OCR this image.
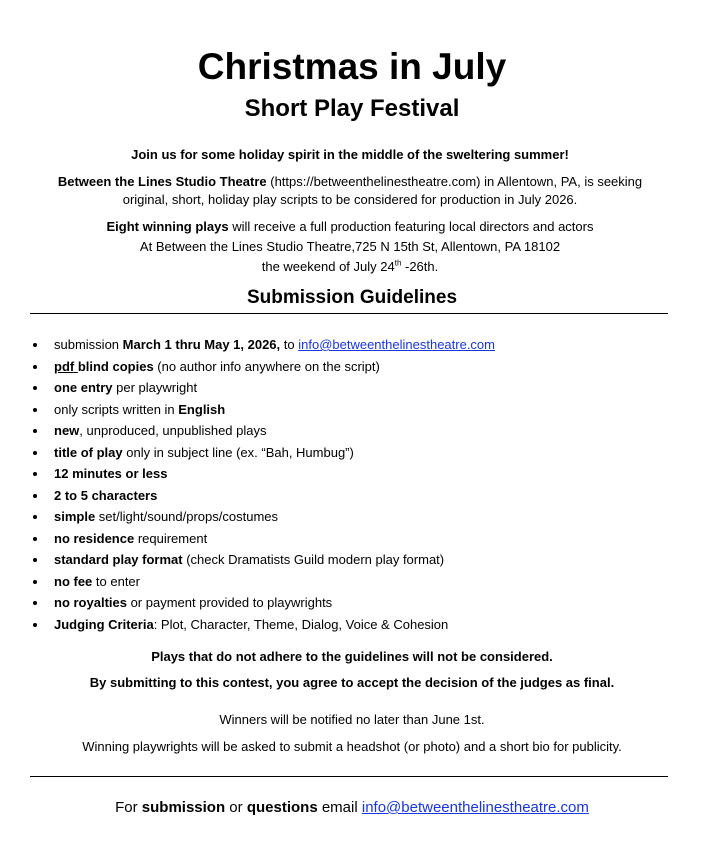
Christmas in July
Short Play Festival

Join us for some holiday spirit in the middle of the sweltering summer!

Between the Lines Studio Theatre (https://betweenthelinestheatre.com) in Allentown, PA, is seeking
original, short, holiday play scripts to be considered for production in July 2026.

Eight winning plays will receive a full production featuring local directors and actors
At Between the Lines Studio Theatre,725 N 15th St, Allentown, PA 18102
the weekend of July 24th -26th.

Submission Guidelines
submission March 1 thru May 1, 2026, to info@betweenthelinestheatre.com
pdf blind copies (no author info anywhere on the script)
one entry per playwright
only scripts written in English
new, unproduced, unpublished plays
title of play only in subject line (ex. “Bah, Humbug”)
12 minutes or less
2 to 5 characters
simple set/light/sound/props/costumes
no residence requirement
standard play format (check Dramatists Guild modern play format)
no fee to enter
no royalties or payment provided to playwrights
Judging Criteria: Plot, Character, Theme, Dialog, Voice & Cohesion

Plays that do not adhere to the guidelines will not be considered.

By submitting to this contest, you agree to accept the decision of the judges as final.

Winners will be notified no later than June 1st.

Winning playwrights will be asked to submit a headshot (or photo) and a short bio for publicity.

For submission or questions email info@betweenthelinestheatre.com
